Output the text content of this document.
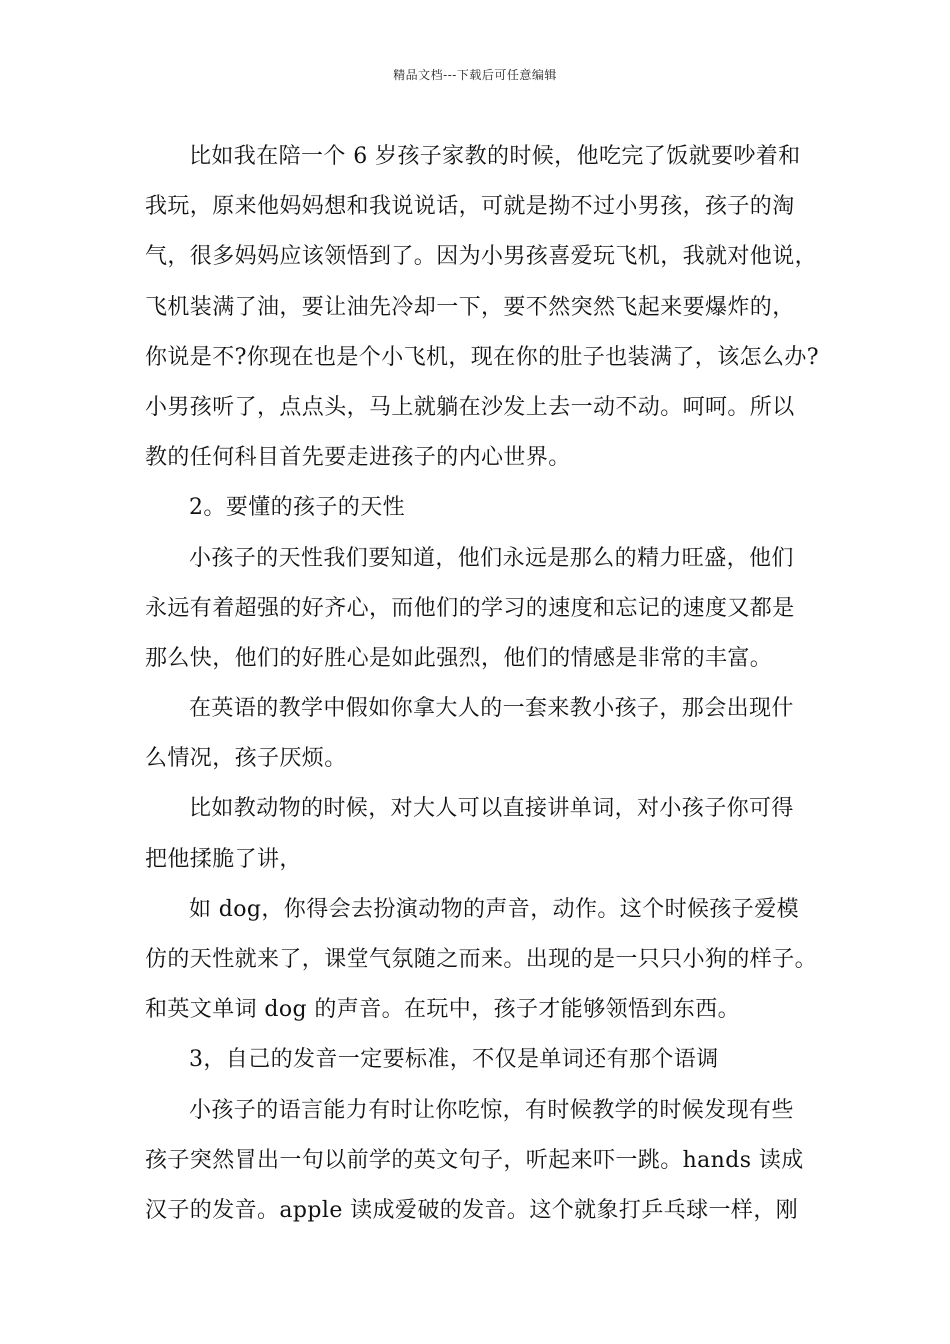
精品文档---下载后可任意编辑
比如我在陪一个 6 岁孩子家教的时候，他吃完了饭就要吵着和
我玩，原来他妈妈想和我说说话，可就是拗不过小男孩，孩子的淘
气，很多妈妈应该领悟到了。因为小男孩喜爱玩飞机，我就对他说，
飞机装满了油，要让油先冷却一下，要不然突然飞起来要爆炸的，
你说是不?你现在也是个小飞机，现在你的肚子也装满了，该怎么办?
小男孩听了，点点头，马上就躺在沙发上去一动不动。呵呵。所以
教的任何科目首先要走进孩子的内心世界。
2。要懂的孩子的天性
小孩子的天性我们要知道，他们永远是那么的精力旺盛，他们
永远有着超强的好齐心，而他们的学习的速度和忘记的速度又都是
那么快，他们的好胜心是如此强烈，他们的情感是非常的丰富。
在英语的教学中假如你拿大人的一套来教小孩子，那会出现什
么情况，孩子厌烦。
比如教动物的时候，对大人可以直接讲单词，对小孩子你可得
把他揉脆了讲，
如 dog，你得会去扮演动物的声音，动作。这个时候孩子爱模
仿的天性就来了，课堂气氛随之而来。出现的是一只只小狗的样子。
和英文单词 dog 的声音。在玩中，孩子才能够领悟到东西。
3，自己的发音一定要标准，不仅是单词还有那个语调
小孩子的语言能力有时让你吃惊，有时候教学的时候发现有些
孩子突然冒出一句以前学的英文句子，听起来吓一跳。hands 读成
汉子的发音。apple 读成爱破的发音。这个就象打乒乓球一样，刚
